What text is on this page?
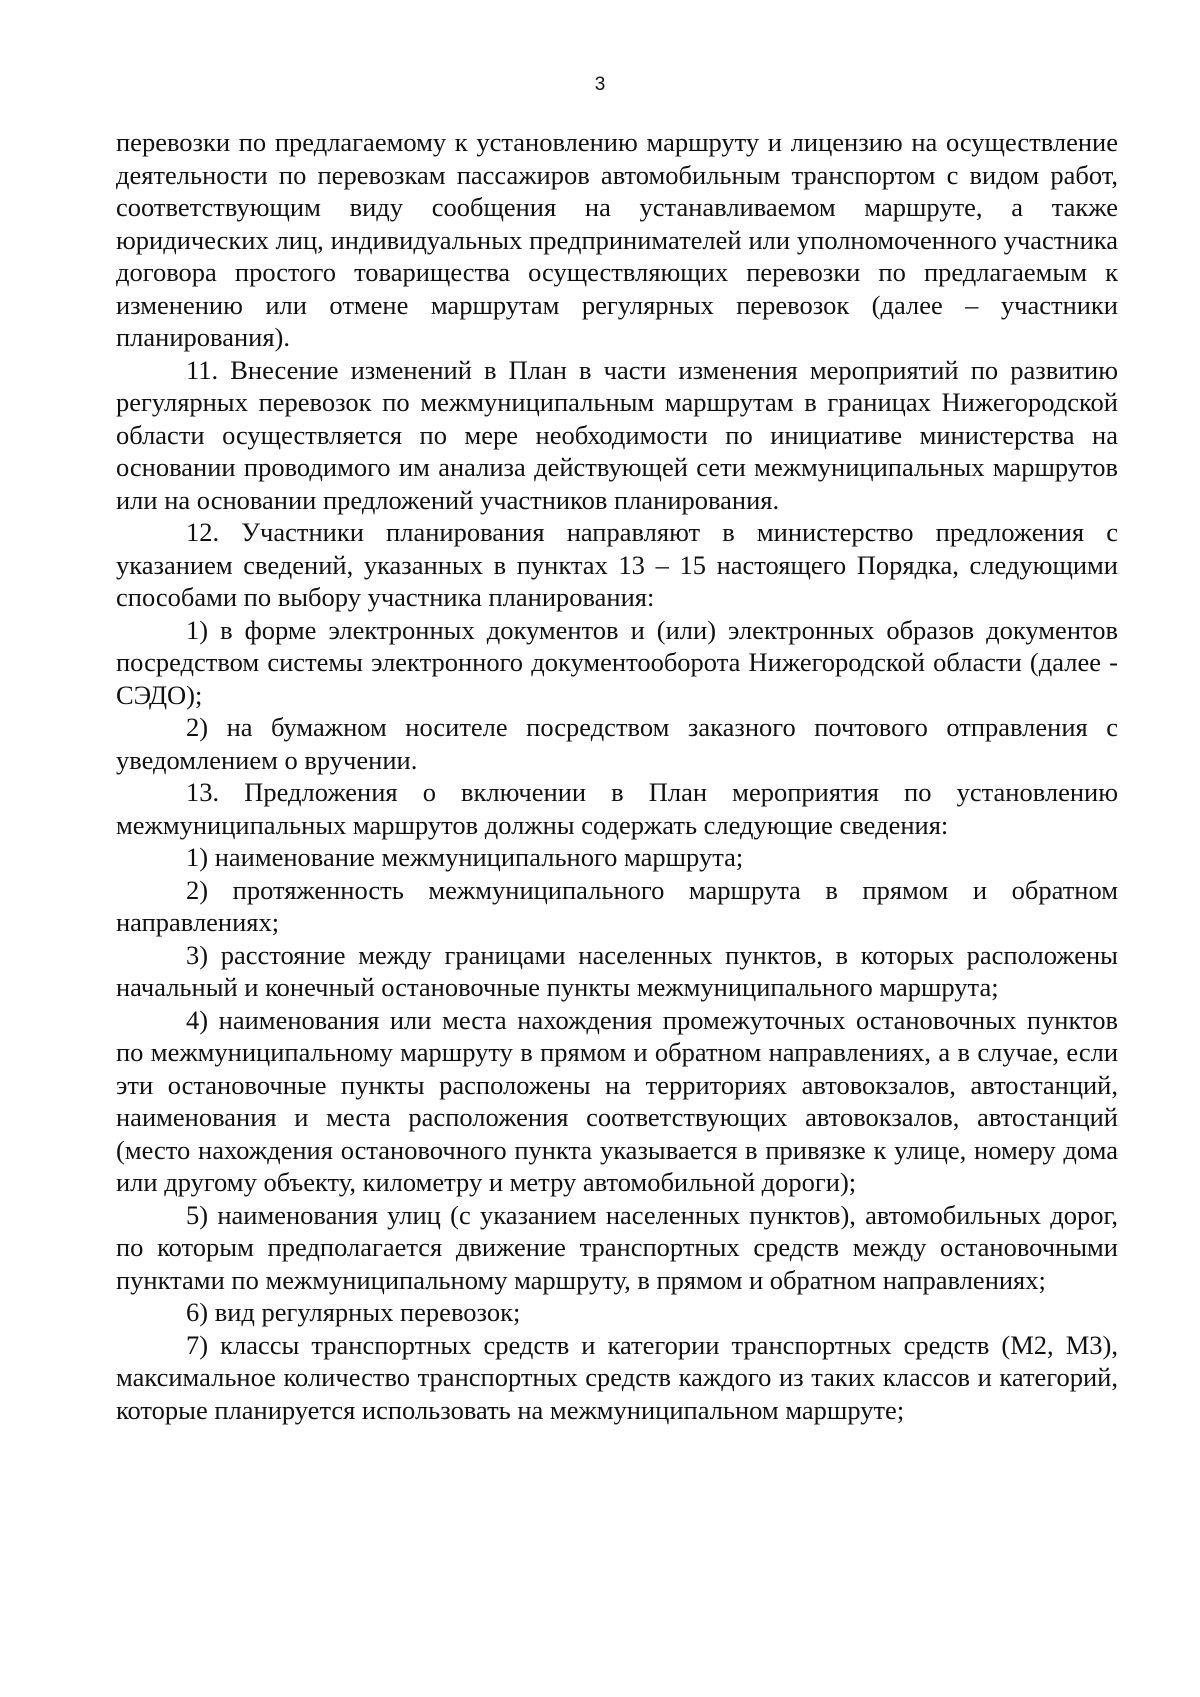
3

перевозки по предлагаемому к установлению маршруту и лицензию на осуществление деятельности по перевозкам пассажиров автомобильным транспортом с видом работ, соответствующим виду сообщения на устанавливаемом маршруте, а также юридических лиц, индивидуальных предпринимателей или уполномоченного участника договора простого товарищества осуществляющих перевозки по предлагаемым к изменению или отмене маршрутам регулярных перевозок (далее – участники планирования).

11. Внесение изменений в План в части изменения мероприятий по развитию регулярных перевозок по межмуниципальным маршрутам в границах Нижегородской области осуществляется по мере необходимости по инициативе министерства на основании проводимого им анализа действующей сети межмуниципальных маршрутов или на основании предложений участников планирования.

12. Участники планирования направляют в министерство предложения с указанием сведений, указанных в пунктах 13 – 15 настоящего Порядка, следующими способами по выбору участника планирования:

1) в форме электронных документов и (или) электронных образов документов посредством системы электронного документооборота Нижегородской области (далее - СЭДО);

2) на бумажном носителе посредством заказного почтового отправления с уведомлением о вручении.

13. Предложения о включении в План мероприятия по установлению межмуниципальных маршрутов должны содержать следующие сведения:

1) наименование межмуниципального маршрута;

2) протяженность межмуниципального маршрута в прямом и обратном направлениях;

3) расстояние между границами населенных пунктов, в которых расположены начальный и конечный остановочные пункты межмуниципального маршрута;

4) наименования или места нахождения промежуточных остановочных пунктов по межмуниципальному маршруту в прямом и обратном направлениях, а в случае, если эти остановочные пункты расположены на территориях автовокзалов, автостанций, наименования и места расположения соответствующих автовокзалов, автостанций (место нахождения остановочного пункта указывается в привязке к улице, номеру дома или другому объекту, километру и метру автомобильной дороги);

5) наименования улиц (с указанием населенных пунктов), автомобильных дорог, по которым предполагается движение транспортных средств между остановочными пунктами по межмуниципальному маршруту, в прямом и обратном направлениях;

6) вид регулярных перевозок;

7) классы транспортных средств и категории транспортных средств (М2, М3), максимальное количество транспортных средств каждого из таких классов и категорий, которые планируется использовать на межмуниципальном маршруте;
